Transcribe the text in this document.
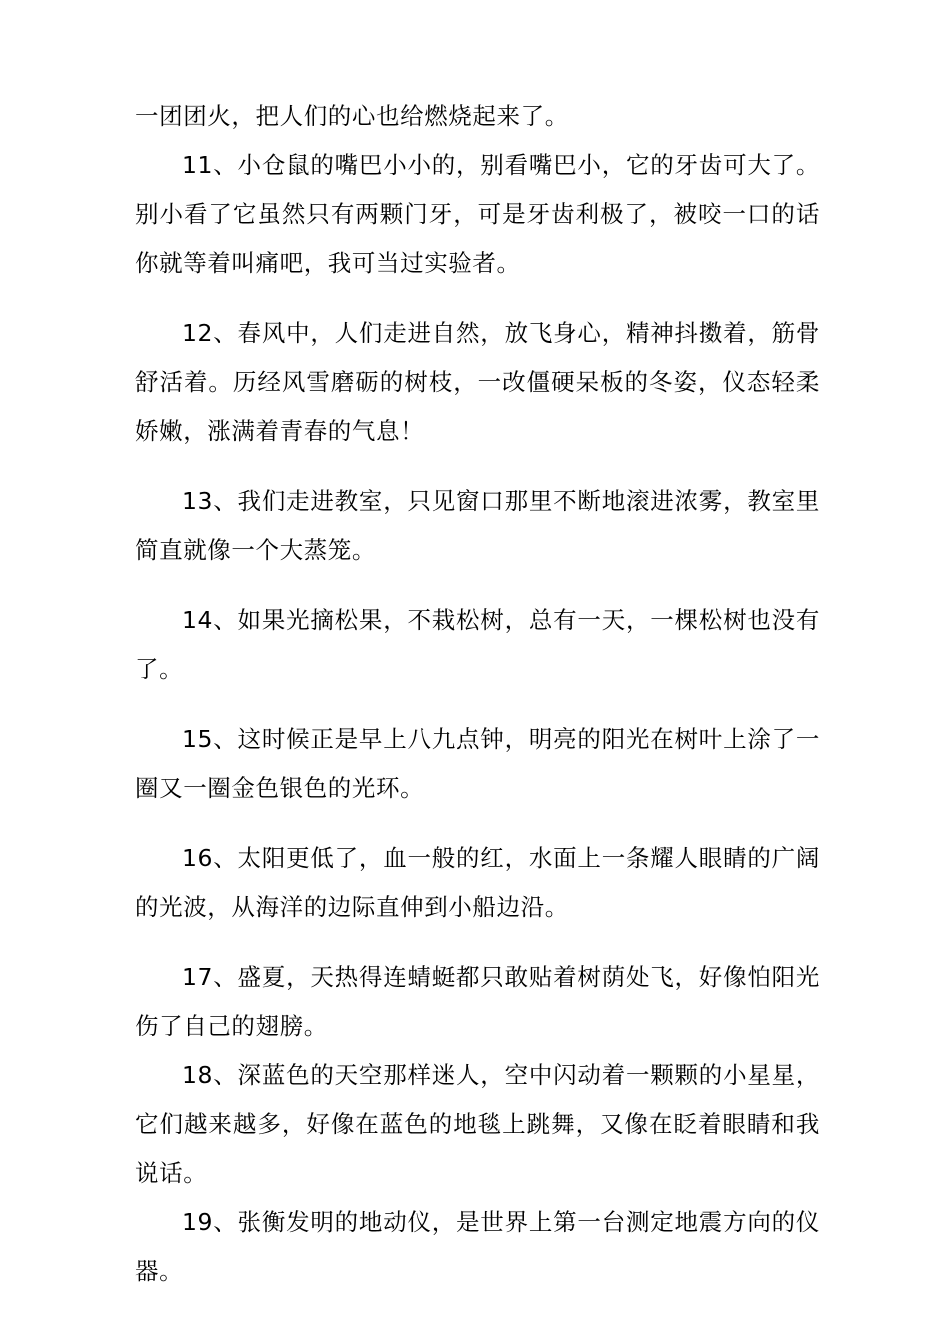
一团团火，把人们的心也给燃烧起来了。

11、小仓鼠的嘴巴小小的，别看嘴巴小，它的牙齿可大了。别小看了它虽然只有两颗门牙，可是牙齿利极了，被咬一口的话你就等着叫痛吧，我可当过实验者。

12、春风中，人们走进自然，放飞身心，精神抖擞着，筋骨舒活着。历经风雪磨砺的树枝，一改僵硬呆板的冬姿，仪态轻柔娇嫩，涨满着青春的气息！

13、我们走进教室，只见窗口那里不断地滚进浓雾，教室里简直就像一个大蒸笼。

14、如果光摘松果，不栽松树，总有一天，一棵松树也没有了。

15、这时候正是早上八九点钟，明亮的阳光在树叶上涂了一圈又一圈金色银色的光环。

16、太阳更低了，血一般的红，水面上一条耀人眼睛的广阔的光波，从海洋的边际直伸到小船边沿。

17、盛夏，天热得连蜻蜓都只敢贴着树荫处飞，好像怕阳光伤了自己的翅膀。

18、深蓝色的天空那样迷人，空中闪动着一颗颗的小星星，它们越来越多，好像在蓝色的地毯上跳舞，又像在眨着眼睛和我说话。

19、张衡发明的地动仪，是世界上第一台测定地震方向的仪器。
